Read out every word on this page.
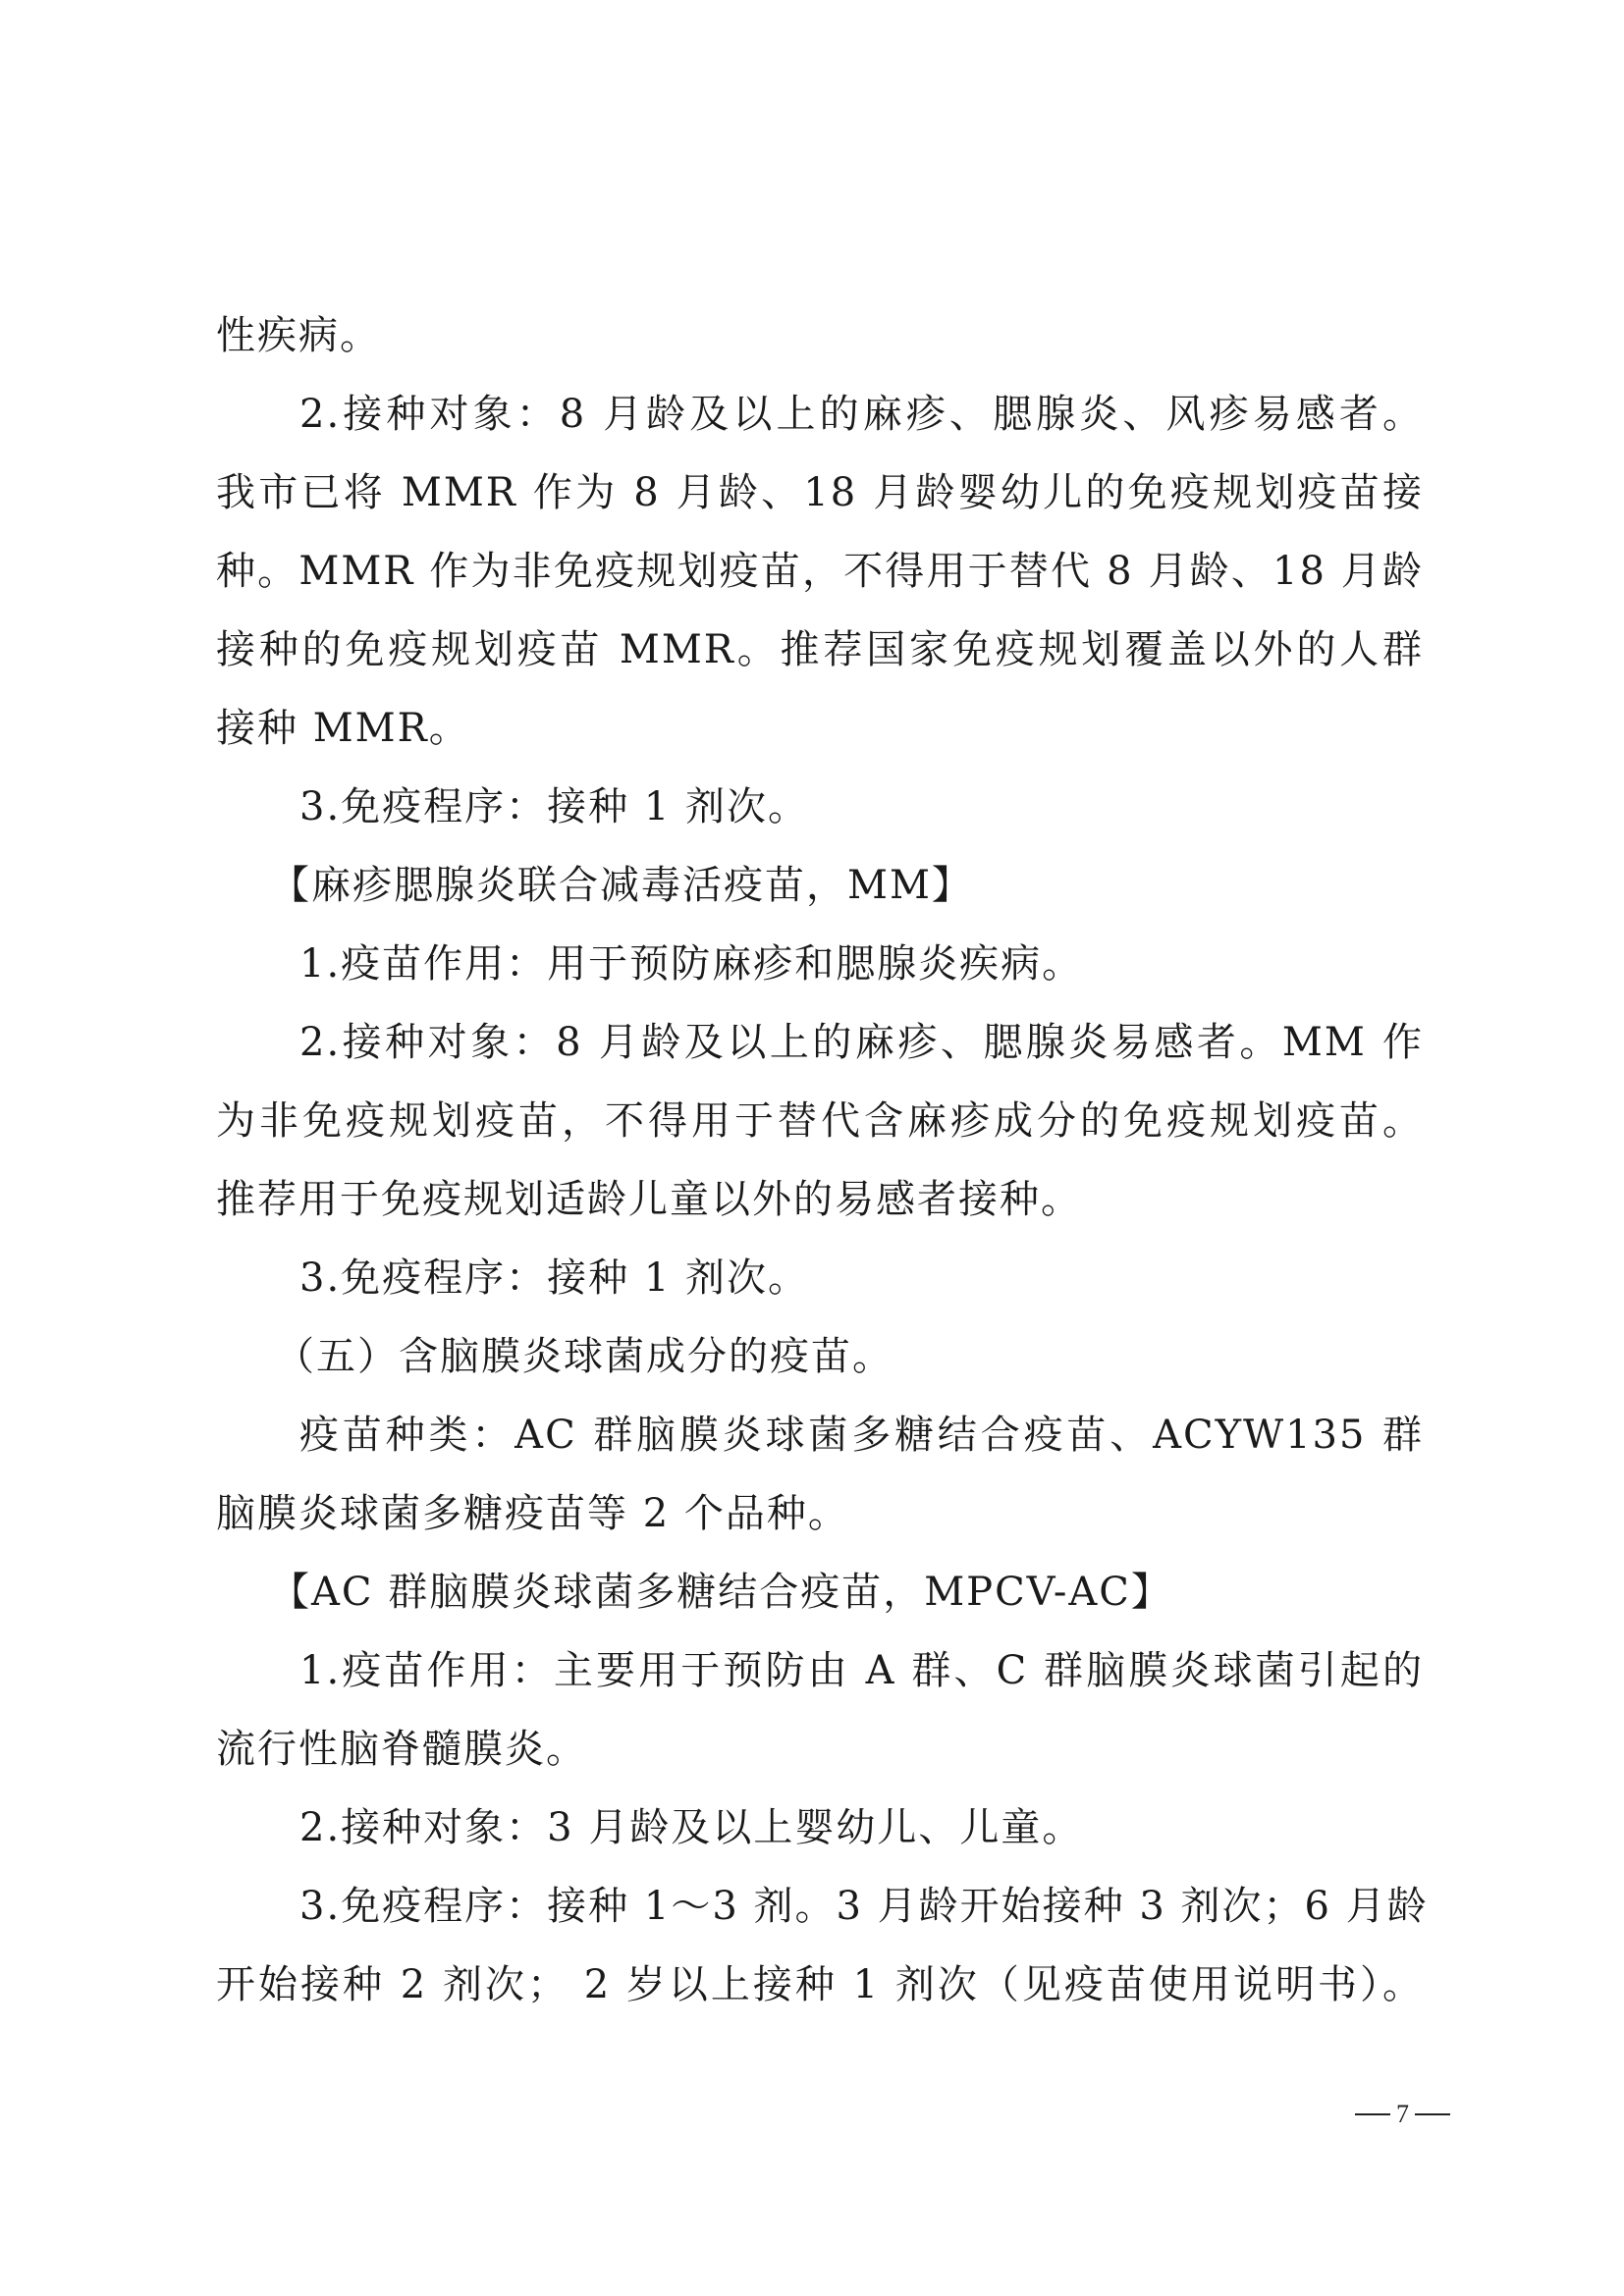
性疾病。

2.接种对象：8 月龄及以上的麻疹、腮腺炎、风疹易感者。

我市已将 MMR 作为 8 月龄、18 月龄婴幼儿的免疫规划疫苗接

种。MMR 作为非免疫规划疫苗，不得用于替代 8 月龄、18 月龄

接种的免疫规划疫苗 MMR。推荐国家免疫规划覆盖以外的人群

接种 MMR。

3.免疫程序：接种 1 剂次。

【麻疹腮腺炎联合减毒活疫苗，MM】

1.疫苗作用：用于预防麻疹和腮腺炎疾病。

2.接种对象：8 月龄及以上的麻疹、腮腺炎易感者。MM 作

为非免疫规划疫苗，不得用于替代含麻疹成分的免疫规划疫苗。

推荐用于免疫规划适龄儿童以外的易感者接种。

3.免疫程序：接种 1 剂次。

（五）含脑膜炎球菌成分的疫苗。

疫苗种类：AC 群脑膜炎球菌多糖结合疫苗、ACYW135 群

脑膜炎球菌多糖疫苗等 2 个品种。

【AC 群脑膜炎球菌多糖结合疫苗，MPCV-AC】

1.疫苗作用：主要用于预防由 A 群、C 群脑膜炎球菌引起的

流行性脑脊髓膜炎。

2.接种对象：3 月龄及以上婴幼儿、儿童。

3.免疫程序：接种 1～3 剂。3 月龄开始接种 3 剂次；6 月龄

开始接种 2 剂次； 2 岁以上接种 1 剂次（见疫苗使用说明书）。

7
